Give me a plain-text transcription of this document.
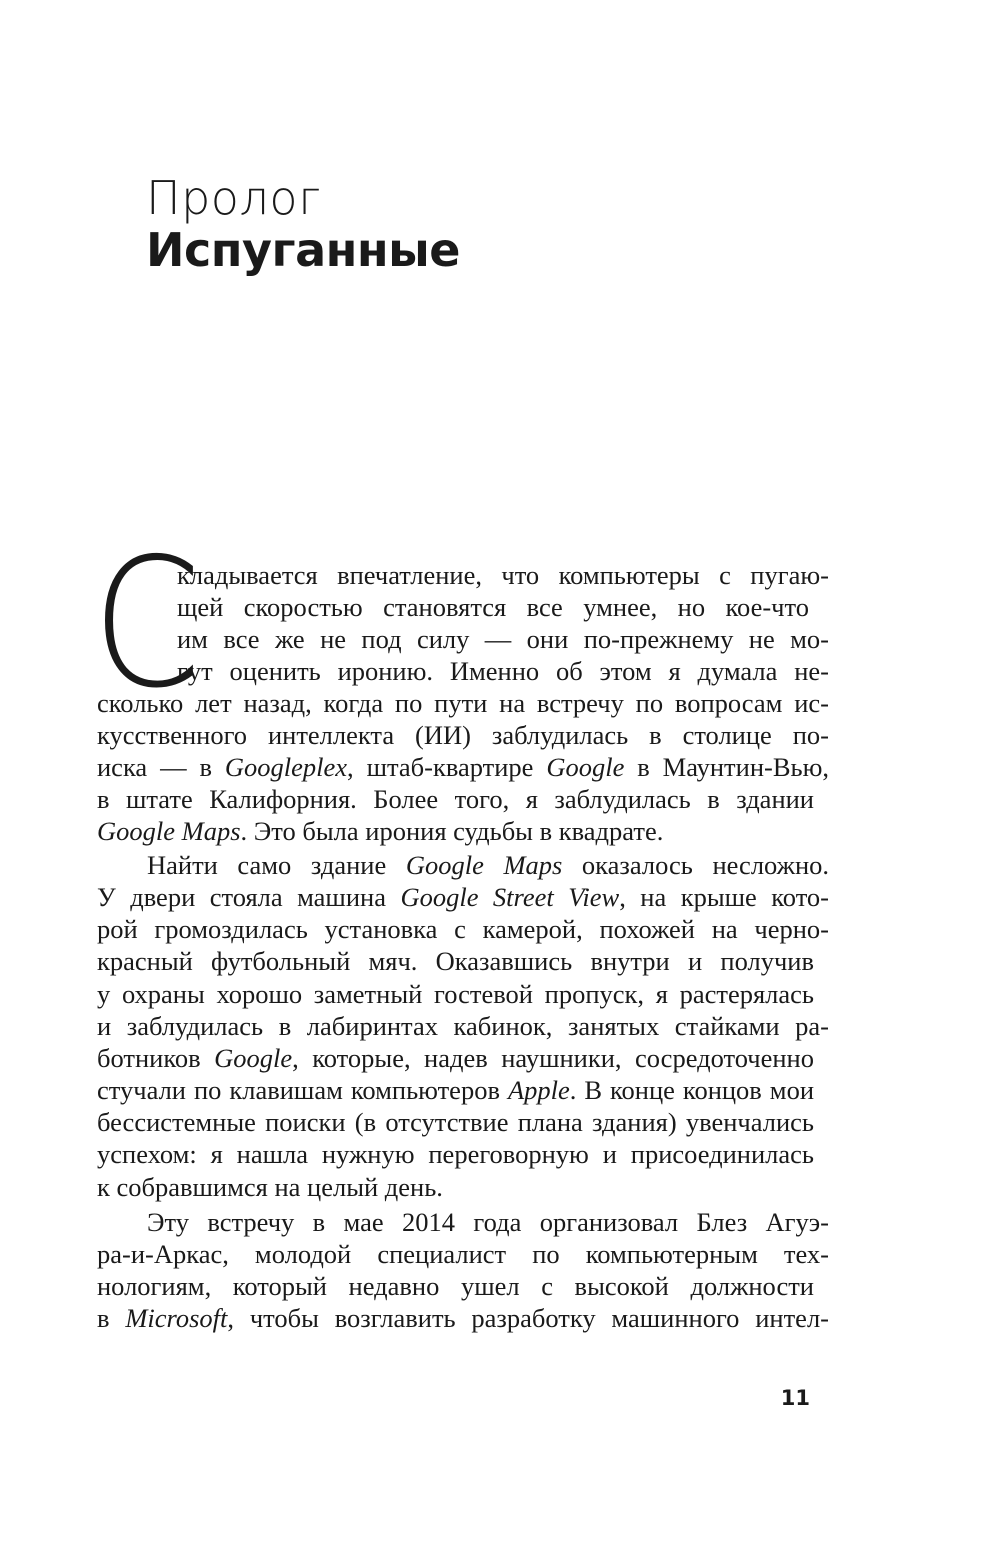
Пролог
Испуганные
С
кладывается впечатление, что компьютеры с пугаю-
щей скоростью становятся все умнее, но кое-что
им все же не под силу — они по-прежнему не мо-
гут оценить иронию. Именно об этом я думала не-
сколько лет назад, когда по пути на встречу по вопросам ис-
кусственного интеллекта (ИИ) заблудилась в столице по-
иска — в Googleplex, штаб-квартире Google в Маунтин-Вью,
в штате Калифорния. Более того, я заблудилась в здании
Google Maps. Это была ирония судьбы в квадрате.
Найти само здание Google Maps оказалось несложно.
У двери стояла машина Google Street View, на крыше кото-
рой громоздилась установка с камерой, похожей на черно-
красный футбольный мяч. Оказавшись внутри и получив
у охраны хорошо заметный гостевой пропуск, я растерялась
и заблудилась в лабиринтах кабинок, занятых стайками ра-
ботников Google, которые, надев наушники, сосредоточенно
стучали по клавишам компьютеров Apple. В конце концов мои
бессистемные поиски (в отсутствие плана здания) увенчались
успехом: я нашла нужную переговорную и присоединилась
к собравшимся на целый день.
Эту встречу в мае 2014 года организовал Блез Агуэ-
ра-и-Аркас, молодой специалист по компьютерным тех-
нологиям, который недавно ушел с высокой должности
в Microsoft, чтобы возглавить разработку машинного интел-
11
